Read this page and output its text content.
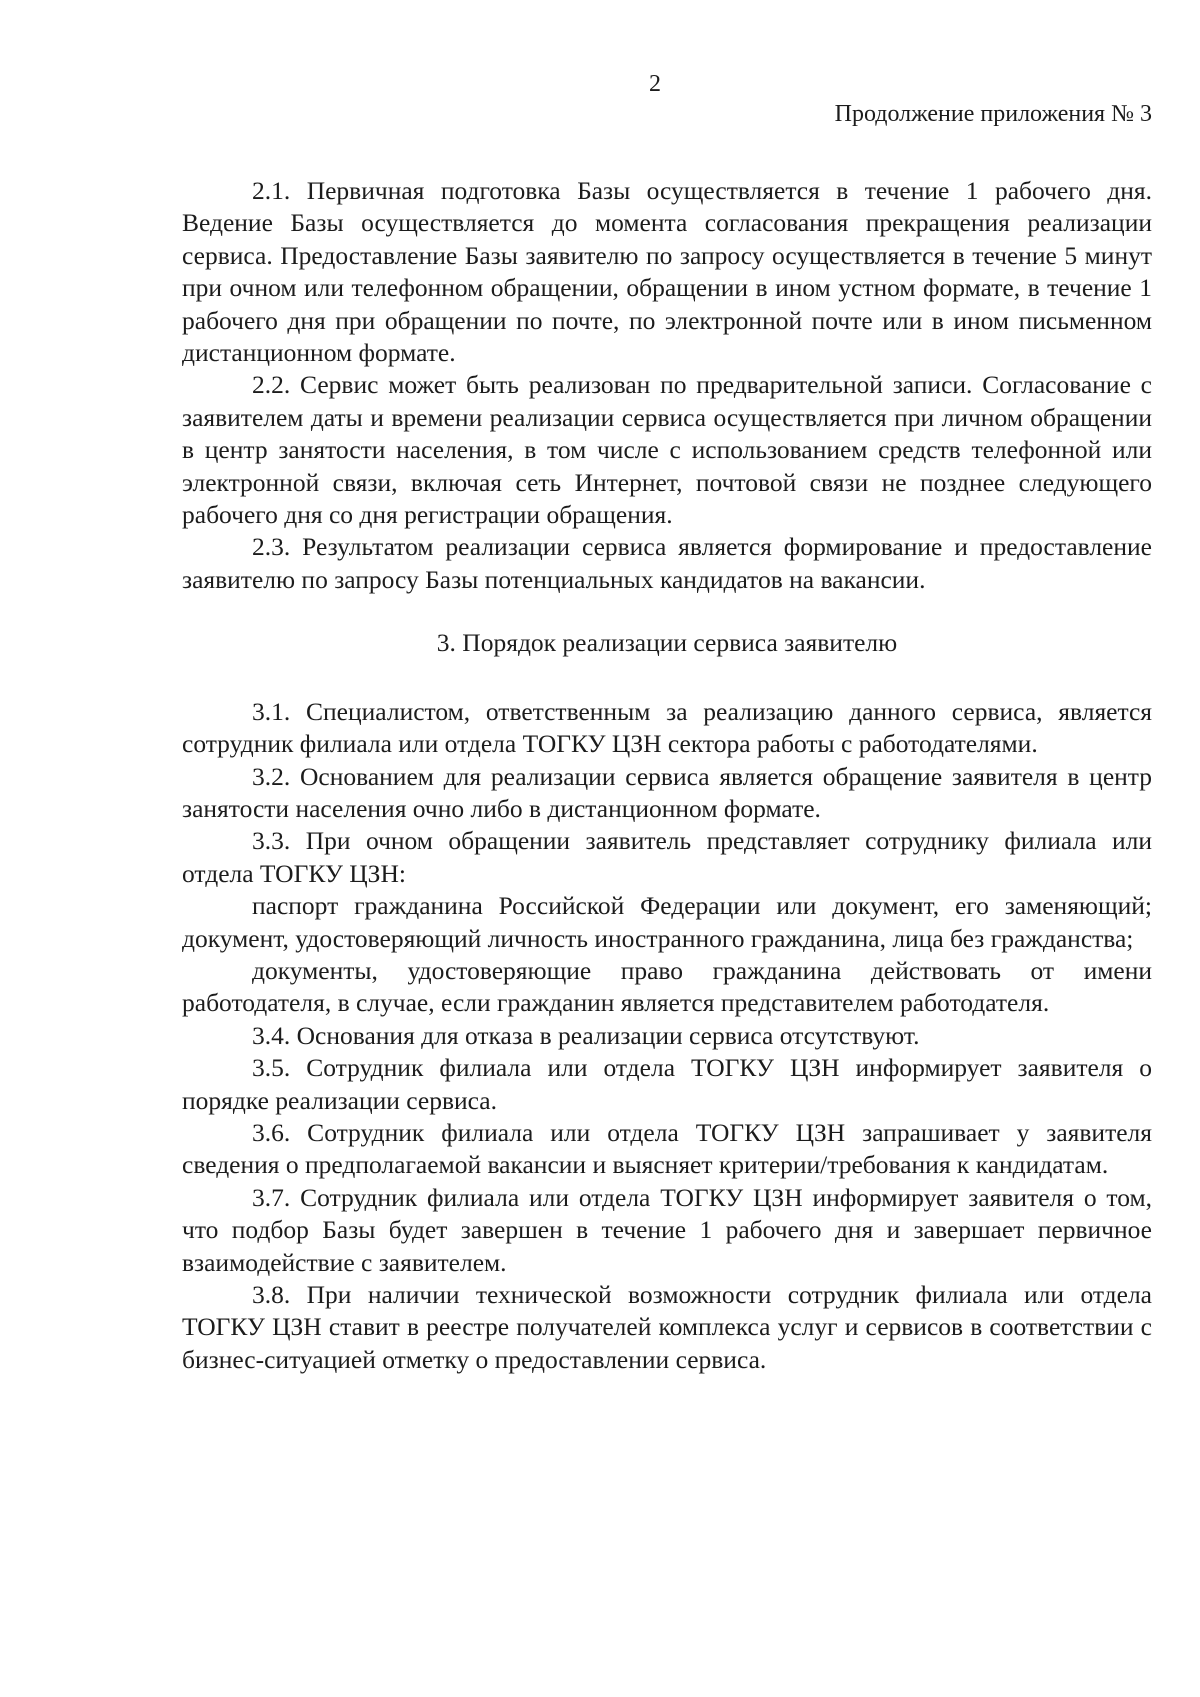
2
Продолжение приложения № 3

2.1. Первичная подготовка Базы осуществляется в течение 1 рабочего дня. Ведение Базы осуществляется до момента согласования прекращения реализации сервиса. Предоставление Базы заявителю по запросу осуществляется в течение 5 минут при очном или телефонном обращении, обращении в ином устном формате, в течение 1 рабочего дня при обращении по почте, по электронной почте или в ином письменном дистанционном формате.

2.2. Сервис может быть реализован по предварительной записи. Согласование с заявителем даты и времени реализации сервиса осуществляется при личном обращении в центр занятости населения, в том числе с использованием средств телефонной или электронной связи, включая сеть Интернет, почтовой связи не позднее следующего рабочего дня со дня регистрации обращения.

2.3. Результатом реализации сервиса является формирование и предоставление заявителю по запросу Базы потенциальных кандидатов на вакансии.

3. Порядок реализации сервиса заявителю

3.1. Специалистом, ответственным за реализацию данного сервиса, является сотрудник филиала или отдела ТОГКУ ЦЗН сектора работы с работодателями.

3.2. Основанием для реализации сервиса является обращение заявителя в центр занятости населения очно либо в дистанционном формате.

3.3. При очном обращении заявитель представляет сотруднику филиала или отдела ТОГКУ ЦЗН:

паспорт гражданина Российской Федерации или документ, его заменяющий; документ, удостоверяющий личность иностранного гражданина, лица без гражданства;

документы, удостоверяющие право гражданина действовать от имени работодателя, в случае, если гражданин является представителем работодателя.

3.4. Основания для отказа в реализации сервиса отсутствуют.

3.5. Сотрудник филиала или отдела ТОГКУ ЦЗН информирует заявителя о порядке реализации сервиса.

3.6. Сотрудник филиала или отдела ТОГКУ ЦЗН запрашивает у заявителя сведения о предполагаемой вакансии и выясняет критерии/требования к кандидатам.

3.7. Сотрудник филиала или отдела ТОГКУ ЦЗН информирует заявителя о том, что подбор Базы будет завершен в течение 1 рабочего дня и завершает первичное взаимодействие с заявителем.

3.8. При наличии технической возможности сотрудник филиала или отдела ТОГКУ ЦЗН ставит в реестре получателей комплекса услуг и сервисов в соответствии с бизнес-ситуацией отметку о предоставлении сервиса.
